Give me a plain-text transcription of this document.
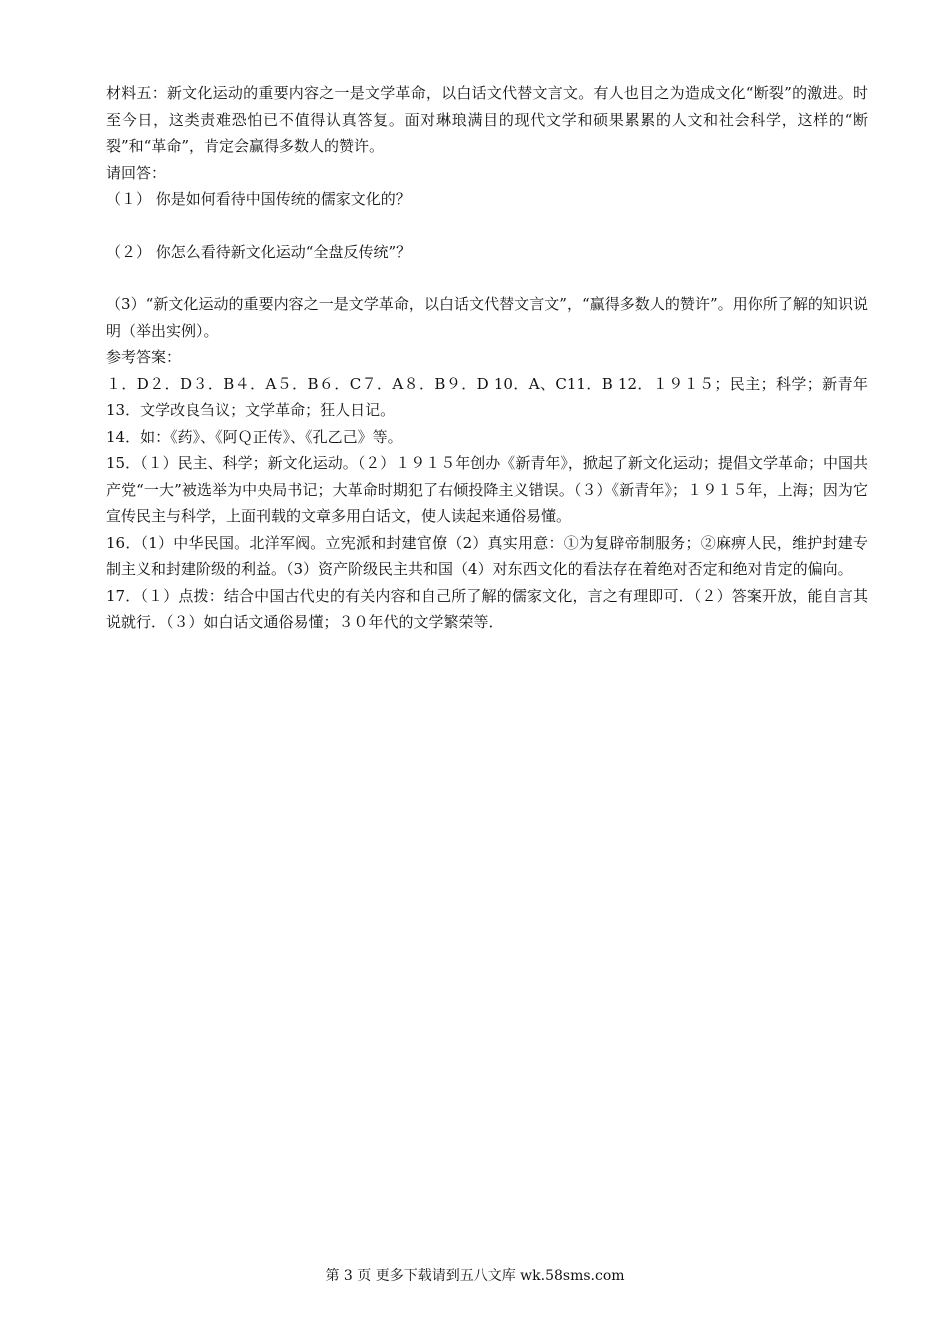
材料五：新文化运动的重要内容之一是文学革命，以白话文代替文言文。有人也目之为造成文化“断裂”的激进。时至今日，这类责难恐怕已不值得认真答复。面对琳琅满目的现代文学和硕果累累的人文和社会科学，这样的“断裂”和“革命”，肯定会赢得多数人的赞许。

请回答：

（１） 你是如何看待中国传统的儒家文化的？

（２） 你怎么看待新文化运动“全盘反传统”？

（3）“新文化运动的重要内容之一是文学革命，以白话文代替文言文”，“赢得多数人的赞许”。用你所了解的知识说明（举出实例）。

参考答案：

１．D２．D３．B４．A５．B６．C７．A８．B９．D 10．A、C11．B 12．１９１５；民主；科学；新青年 13．文学改良刍议；文学革命；狂人日记。

14．如：《药》、《阿Ｑ正传》、《孔乙己》等。

15．（１）民主、科学；新文化运动。（２）１９１５年创办《新青年》，掀起了新文化运动；提倡文学革命；中国共产党“一大”被选举为中央局书记；大革命时期犯了右倾投降主义错误。（３）《新青年》；１９１５年，上海；因为它宣传民主与科学，上面刊载的文章多用白话文，使人读起来通俗易懂。

16．（1）中华民国。北洋军阀。立宪派和封建官僚（2）真实用意：①为复辟帝制服务；②麻痹人民，维护封建专制主义和封建阶级的利益。（3）资产阶级民主共和国（4）对东西文化的看法存在着绝对否定和绝对肯定的偏向。

17．（１）点拨：结合中国古代史的有关内容和自己所了解的儒家文化，言之有理即可．（２）答案开放，能自言其说就行．（３）如白话文通俗易懂；３０年代的文学繁荣等．

第 3 页 更多下载请到五八文库 wk.58sms.com
